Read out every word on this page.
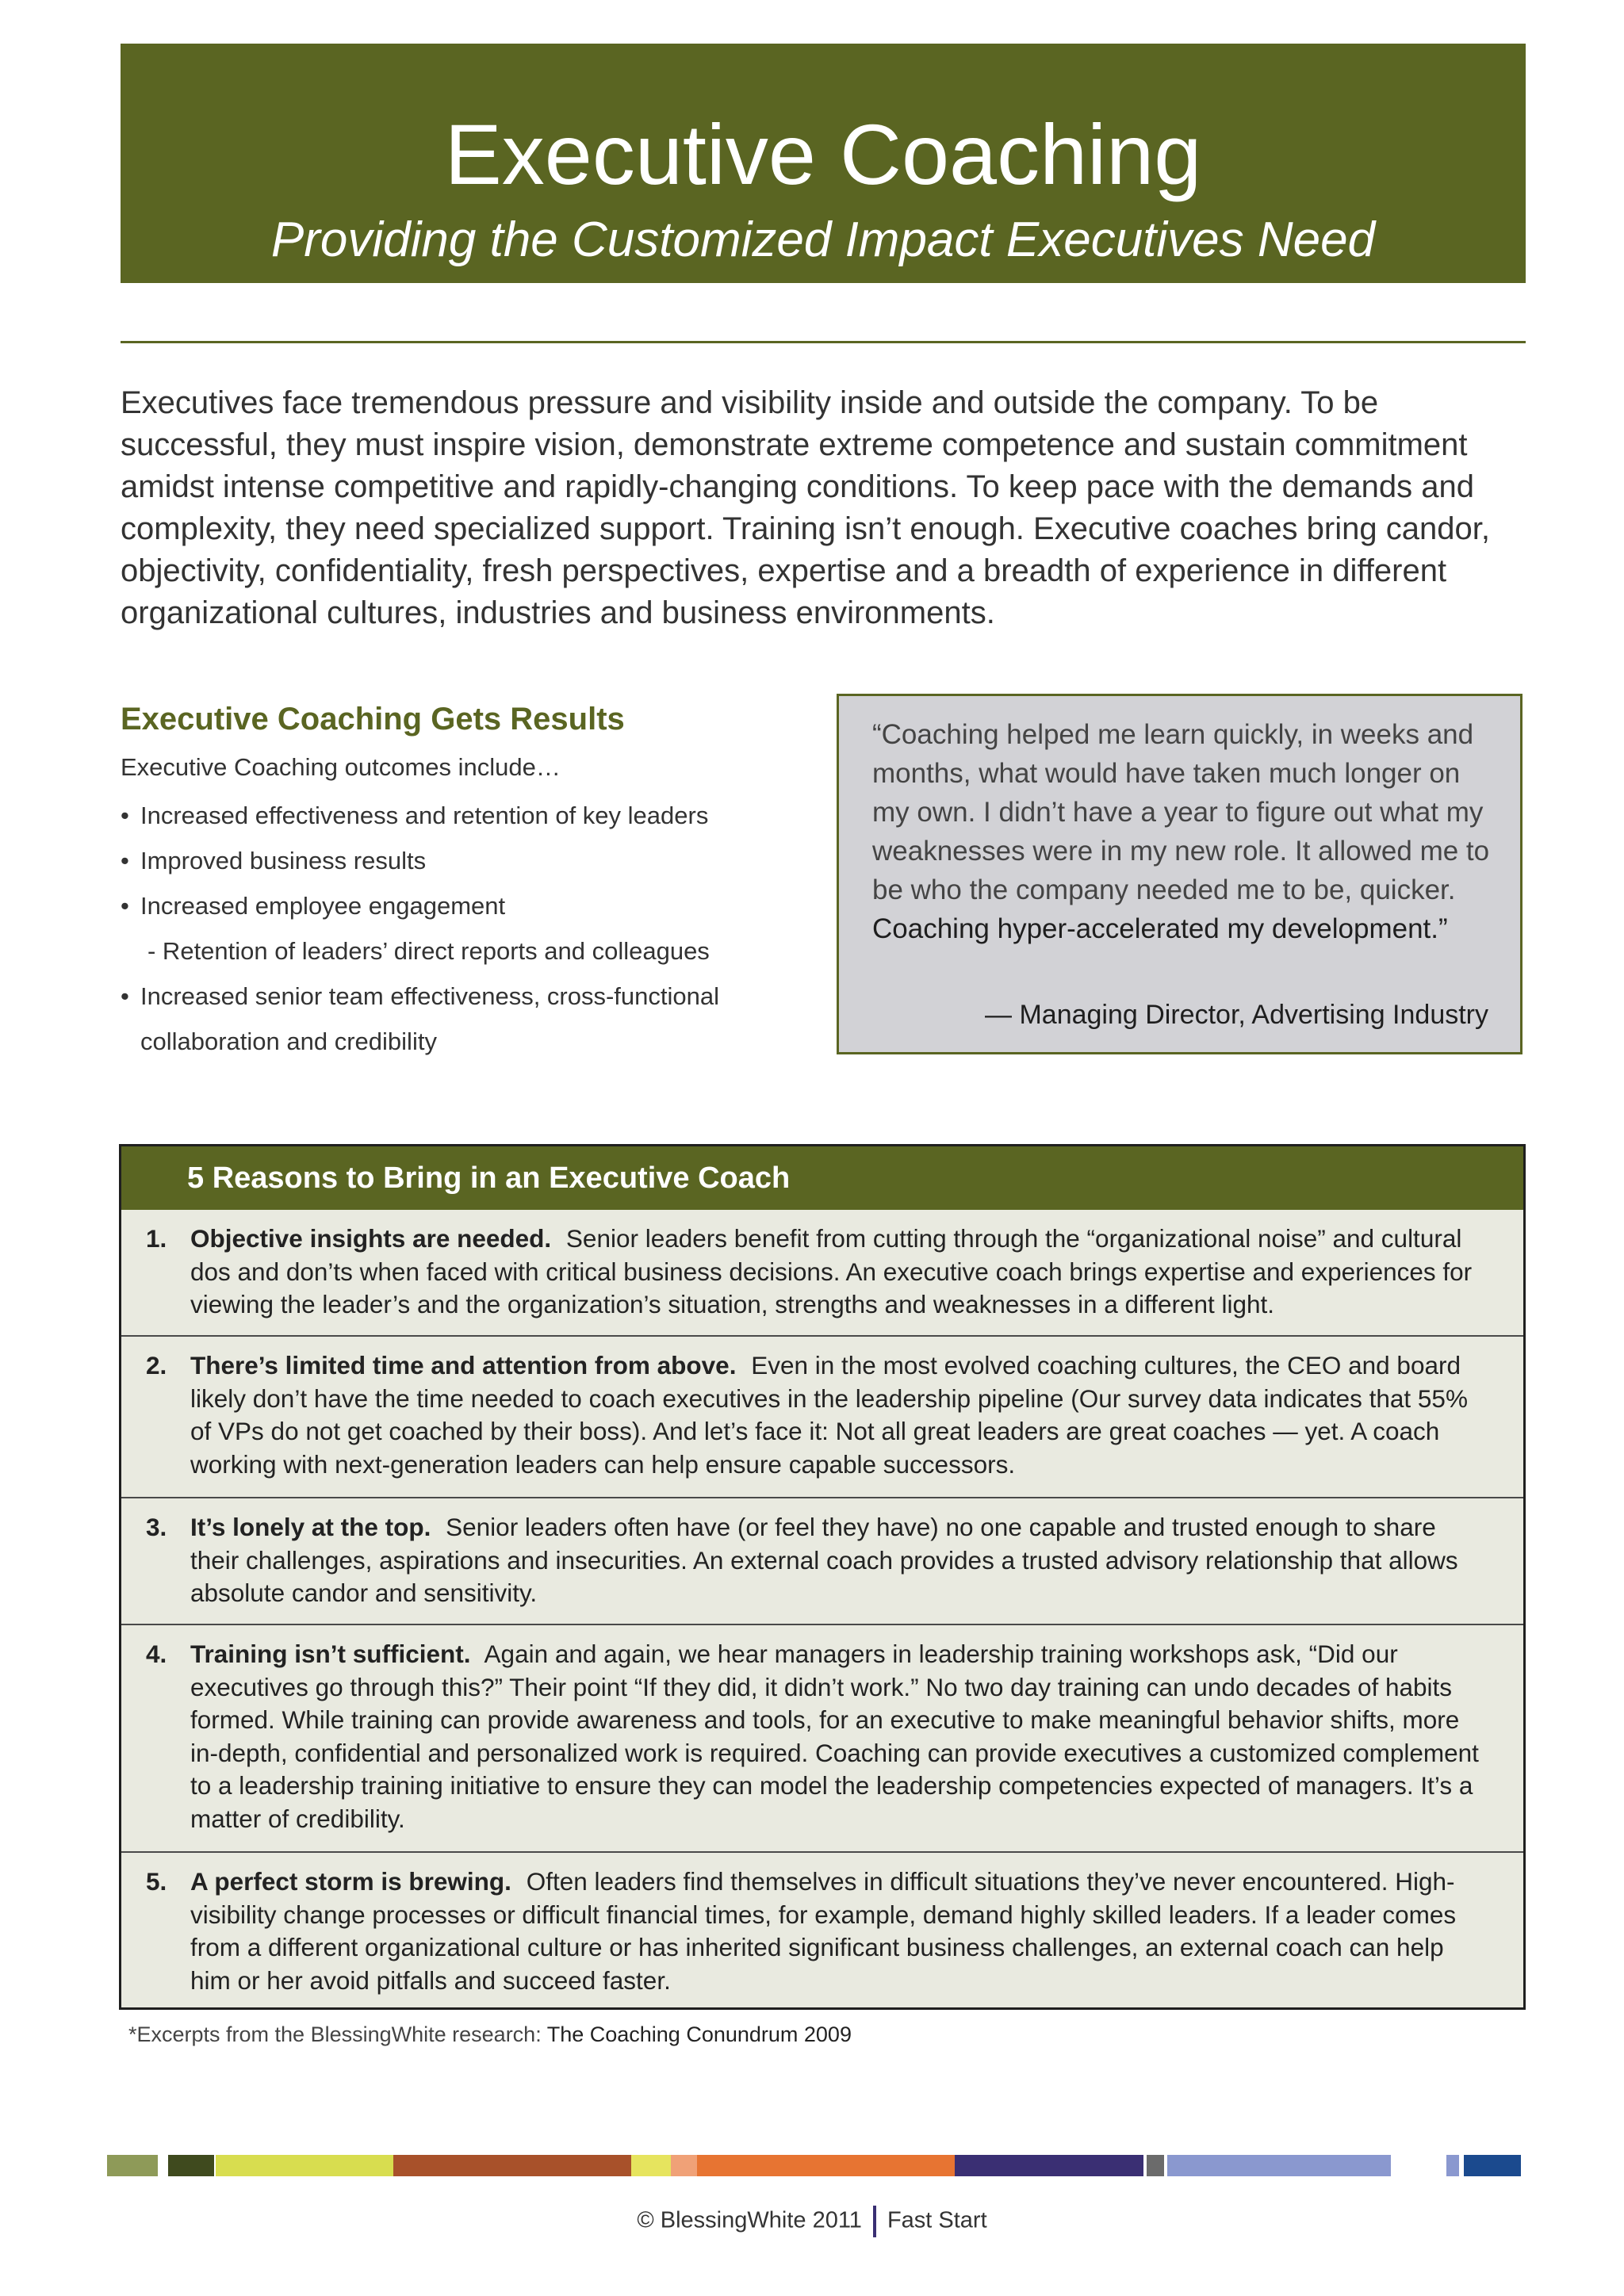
Executive Coaching
Providing the Customized Impact Executives Need

Executives face tremendous pressure and visibility inside and outside the company. To be successful, they must inspire vision, demonstrate extreme competence and sustain commitment amidst intense competitive and rapidly-changing conditions. To keep pace with the demands and complexity, they need specialized support. Training isn’t enough. Executive coaches bring candor, objectivity, confidentiality, fresh perspectives, expertise and a breadth of experience in different organizational cultures, industries and business environments.

Executive Coaching Gets Results
Executive Coaching outcomes include…
• Increased effectiveness and retention of key leaders
• Improved business results
• Increased employee engagement
- Retention of leaders’ direct reports and colleagues
• Increased senior team effectiveness, cross-functional
collaboration and credibility

“Coaching helped me learn quickly, in weeks and months, what would have taken much longer on my own. I didn’t have a year to figure out what my weaknesses were in my new role. It allowed me to be who the company needed me to be, quicker. Coaching hyper-accelerated my development.”

— Managing Director, Advertising Industry
5 Reasons to Bring in an Executive Coach
1. Objective insights are needed. Senior leaders benefit from cutting through the “organizational noise” and cultural dos and don’ts when faced with critical business decisions. An executive coach brings expertise and experiences for viewing the leader’s and the organization’s situation, strengths and weaknesses in a different light.

2. There’s limited time and attention from above. Even in the most evolved coaching cultures, the CEO and board likely don’t have the time needed to coach executives in the leadership pipeline (Our survey data indicates that 55% of VPs do not get coached by their boss). And let’s face it: Not all great leaders are great coaches — yet. A coach working with next-generation leaders can help ensure capable successors.

3. It’s lonely at the top. Senior leaders often have (or feel they have) no one capable and trusted enough to share their challenges, aspirations and insecurities. An external coach provides a trusted advisory relationship that allows absolute candor and sensitivity.

4. Training isn’t sufficient. Again and again, we hear managers in leadership training workshops ask, “Did our executives go through this?” Their point “If they did, it didn’t work.” No two day training can undo decades of habits formed. While training can provide awareness and tools, for an executive to make meaningful behavior shifts, more in-depth, confidential and personalized work is required. Coaching can provide executives a customized complement to a leadership training initiative to ensure they can model the leadership competencies expected of managers. It’s a matter of credibility.

5. A perfect storm is brewing. Often leaders find themselves in difficult situations they’ve never encountered. High-visibility change processes or difficult financial times, for example, demand highly skilled leaders. If a leader comes from a different organizational culture or has inherited significant business challenges, an external coach can help him or her avoid pitfalls and succeed faster.

*Excerpts from the BlessingWhite research: The Coaching Conundrum 2009
© BlessingWhite 2011 Fast Start
